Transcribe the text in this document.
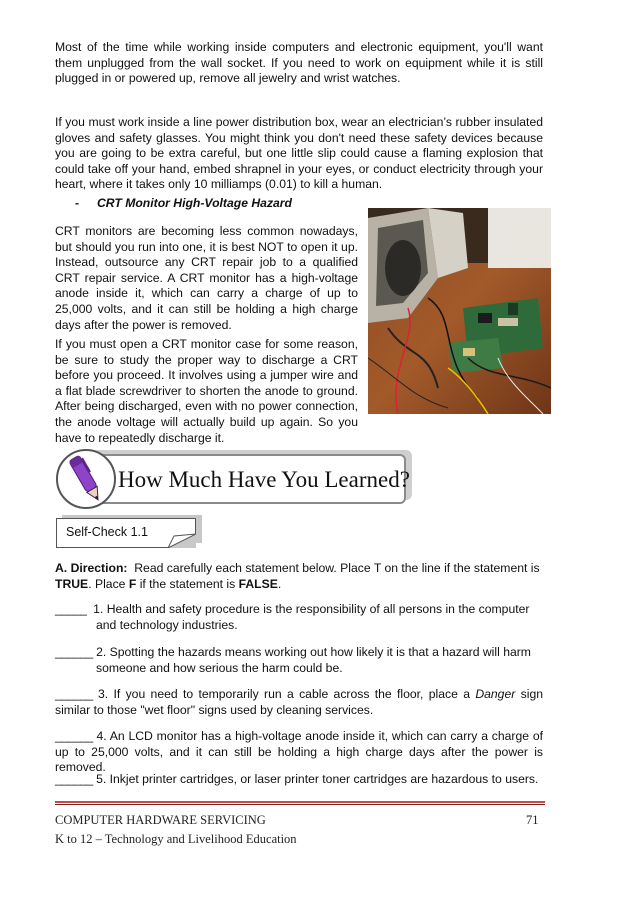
Most of the time while working inside computers and electronic equipment, you'll want them unplugged from the wall socket. If you need to work on equipment while it is still plugged in or powered up, remove all jewelry and wrist watches.
If you must work inside a line power distribution box, wear an electrician’s rubber insulated gloves and safety glasses. You might think you don't need these safety devices because you are going to be extra careful, but one little slip could cause a flaming explosion that could take off your hand, embed shrapnel in your eyes, or conduct electricity through your heart, where it takes only 10 milliamps (0.01) to kill a human.
- CRT Monitor High-Voltage Hazard
CRT monitors are becoming less common nowadays, but should you run into one, it is best NOT to open it up. Instead, outsource any CRT repair job to a qualified CRT repair service. A CRT monitor has a high-voltage anode inside it, which can carry a charge of up to 25,000 volts, and it can still be holding a high charge days after the power is removed.
If you must open a CRT monitor case for some reason, be sure to study the proper way to discharge a CRT before you proceed. It involves using a jumper wire and a flat blade screwdriver to shorten the anode to ground. After being discharged, even with no power connection, the anode voltage will actually build up again. So you have to repeatedly discharge it.
How Much Have You Learned?
Self-Check 1.1
A. Direction: Read carefully each statement below. Place T on the line if the statement is
TRUE. Place F if the statement is FALSE.
_____ 1. Health and safety procedure is the responsibility of all persons in the computer
and technology industries.
______ 2. Spotting the hazards means working out how likely it is that a hazard will harm
someone and how serious the harm could be.
______ 3. If you need to temporarily run a cable across the floor, place a Danger sign similar to those "wet floor" signs used by cleaning services.
______ 4. An LCD monitor has a high-voltage anode inside it, which can carry a charge of up to 25,000 volts, and it can still be holding a high charge days after the power is removed.
______ 5. Inkjet printer cartridges, or laser printer toner cartridges are hazardous to users.
COMPUTER HARDWARE SERVICING
K to 12 – Technology and Livelihood Education
71
